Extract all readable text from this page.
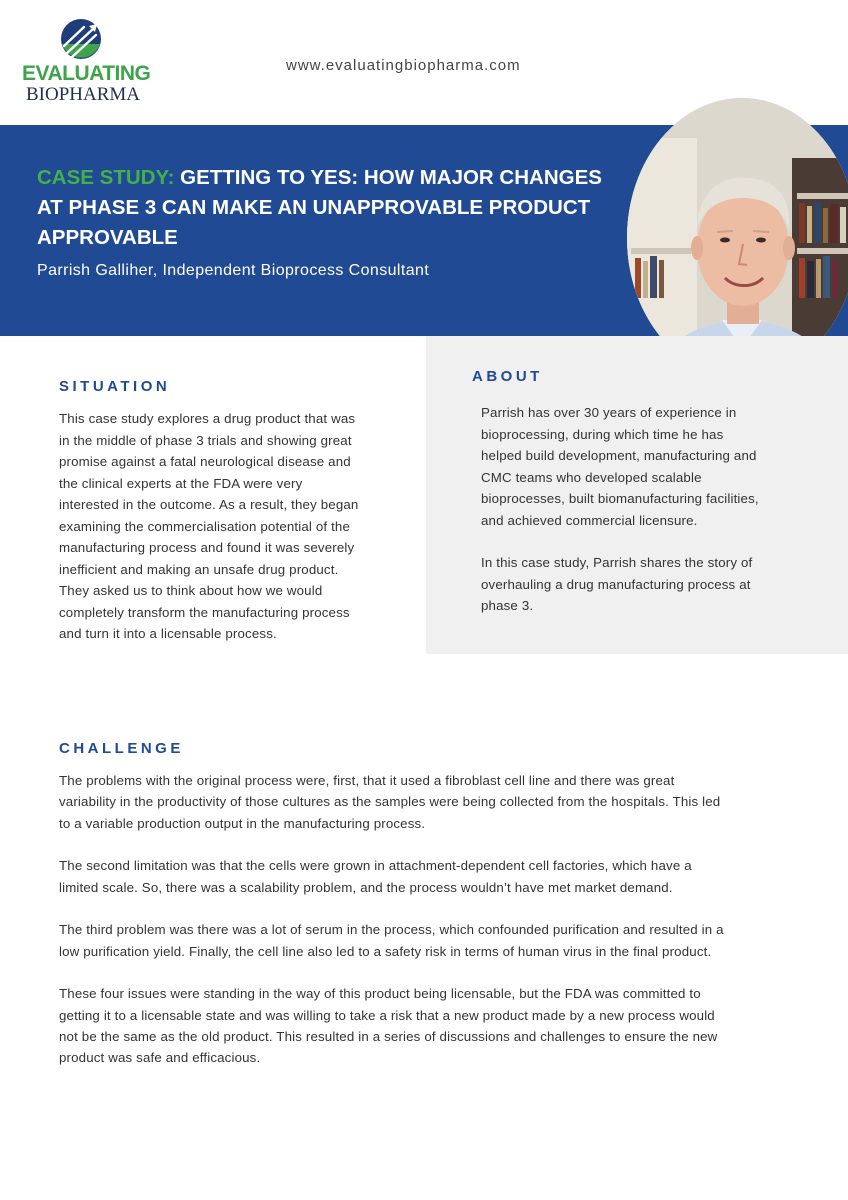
EVALUATING
BIOPHARMA
www.evaluatingbiopharma.com
CASE STUDY: GETTING TO YES: HOW MAJOR CHANGES
AT PHASE 3 CAN MAKE AN UNAPPROVABLE PRODUCT
APPROVABLE
Parrish Galliher, Independent Bioprocess Consultant
ABOUT

Parrish has over 30 years of experience in
bioprocessing, during which time he has
helped build development, manufacturing and
CMC teams who developed scalable
bioprocesses, built biomanufacturing facilities,
and achieved commercial licensure.

In this case study, Parrish shares the story of
overhauling a drug manufacturing process at
phase 3.

SITUATION

This case study explores a drug product that was
in the middle of phase 3 trials and showing great
promise against a fatal neurological disease and
the clinical experts at the FDA were very
interested in the outcome. As a result, they began
examining the commercialisation potential of the
manufacturing process and found it was severely
inefficient and making an unsafe drug product.
They asked us to think about how we would
completely transform the manufacturing process
and turn it into a licensable process.

CHALLENGE

The problems with the original process were, first, that it used a fibroblast cell line and there was great
variability in the productivity of those cultures as the samples were being collected from the hospitals. This led
to a variable production output in the manufacturing process.

The second limitation was that the cells were grown in attachment-dependent cell factories, which have a
limited scale. So, there was a scalability problem, and the process wouldn’t have met market demand.

The third problem was there was a lot of serum in the process, which confounded purification and resulted in a
low purification yield. Finally, the cell line also led to a safety risk in terms of human virus in the final product.

These four issues were standing in the way of this product being licensable, but the FDA was committed to
getting it to a licensable state and was willing to take a risk that a new product made by a new process would
not be the same as the old product. This resulted in a series of discussions and challenges to ensure the new
product was safe and efficacious.
